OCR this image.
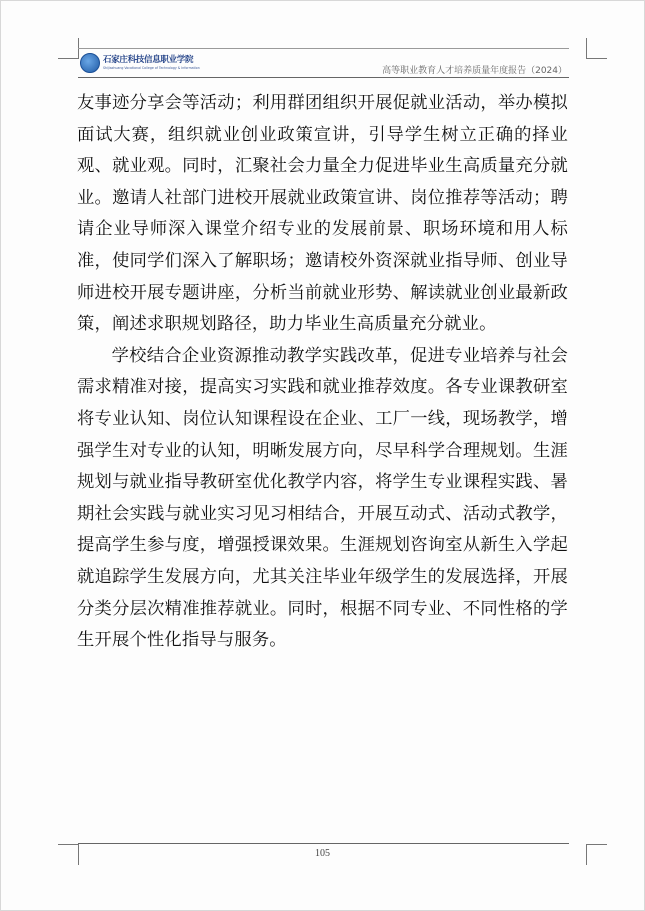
石家庄科技信息职业学院
Shijiazhuang Vocational College of Technology & Information	高等职业教育人才培养质量年度报告（2024）

友事迹分享会等活动；利用群团组织开展促就业活动，举办模拟面试大赛，组织就业创业政策宣讲，引导学生树立正确的择业观、就业观。同时，汇聚社会力量全力促进毕业生高质量充分就业。邀请人社部门进校开展就业政策宣讲、岗位推荐等活动；聘请企业导师深入课堂介绍专业的发展前景、职场环境和用人标准，使同学们深入了解职场；邀请校外资深就业指导师、创业导师进校开展专题讲座，分析当前就业形势、解读就业创业最新政策，阐述求职规划路径，助力毕业生高质量充分就业。

学校结合企业资源推动教学实践改革，促进专业培养与社会需求精准对接，提高实习实践和就业推荐效度。各专业课教研室将专业认知、岗位认知课程设在企业、工厂一线，现场教学，增强学生对专业的认知，明晰发展方向，尽早科学合理规划。生涯规划与就业指导教研室优化教学内容，将学生专业课程实践、暑期社会实践与就业实习见习相结合，开展互动式、活动式教学，提高学生参与度，增强授课效果。生涯规划咨询室从新生入学起就追踪学生发展方向，尤其关注毕业年级学生的发展选择，开展分类分层次精准推荐就业。同时，根据不同专业、不同性格的学生开展个性化指导与服务。

105
